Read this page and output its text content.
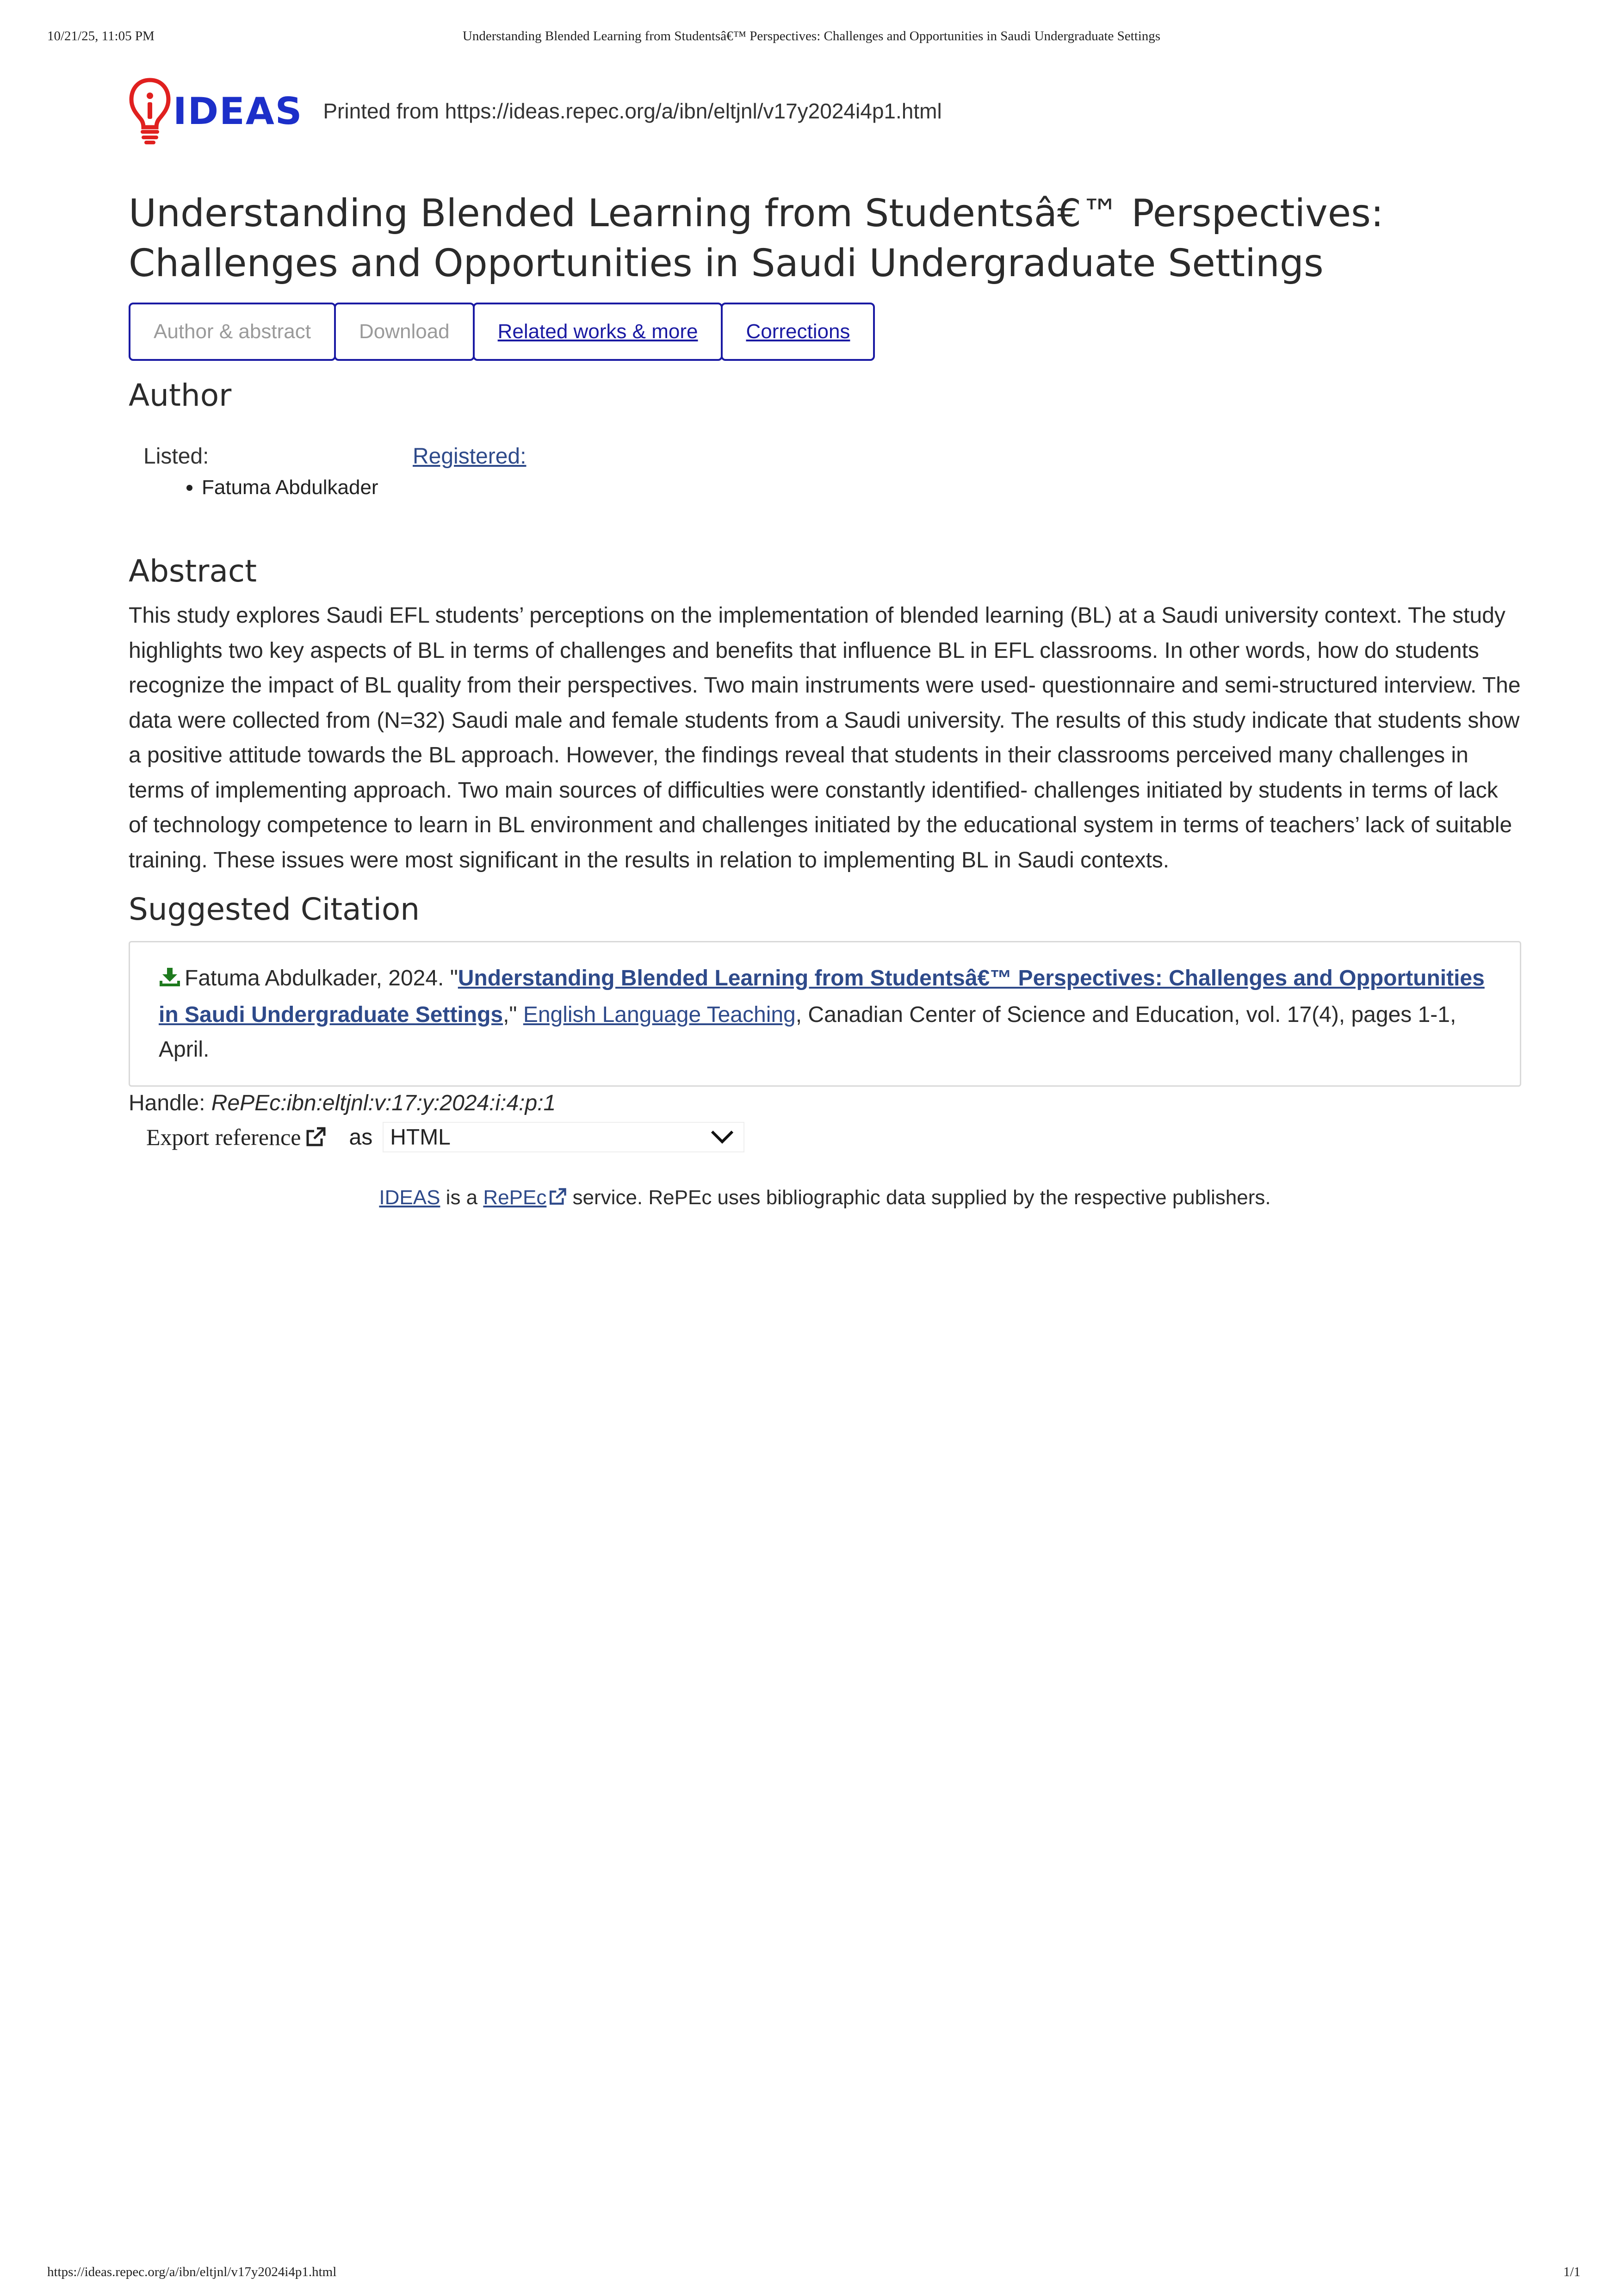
10/21/25, 11:05 PM	Understanding Blended Learning from Studentsâ€™ Perspectives: Challenges and Opportunities in Saudi Undergraduate Settings
IDEAS Printed from https://ideas.repec.org/a/ibn/eltjnl/v17y2024i4p1.html
Understanding Blended Learning from Studentsâ€™ Perspectives: Challenges and Opportunities in Saudi Undergraduate Settings
Author & abstract	Download	Related works & more	Corrections
Author
Listed:
• Fatuma Abdulkader
Registered:
Abstract
This study explores Saudi EFL students’ perceptions on the implementation of blended learning (BL) at a Saudi university context. The study highlights two key aspects of BL in terms of challenges and benefits that influence BL in EFL classrooms. In other words, how do students recognize the impact of BL quality from their perspectives. Two main instruments were used- questionnaire and semi-structured interview. The data were collected from (N=32) Saudi male and female students from a Saudi university. The results of this study indicate that students show a positive attitude towards the BL approach. However, the findings reveal that students in their classrooms perceived many challenges in terms of implementing approach. Two main sources of difficulties were constantly identified- challenges initiated by students in terms of lack of technology competence to learn in BL environment and challenges initiated by the educational system in terms of teachers’ lack of suitable training. These issues were most significant in the results in relation to implementing BL in Saudi contexts.
Suggested Citation
Fatuma Abdulkader, 2024. "Understanding Blended Learning from Studentsâ€™ Perspectives: Challenges and Opportunities in Saudi Undergraduate Settings," English Language Teaching, Canadian Center of Science and Education, vol. 17(4), pages 1-1, April.
Handle: RePEc:ibn:eltjnl:v:17:y:2024:i:4:p:1
Export reference as HTML
IDEAS is a RePEc service. RePEc uses bibliographic data supplied by the respective publishers.
https://ideas.repec.org/a/ibn/eltjnl/v17y2024i4p1.html	1/1
